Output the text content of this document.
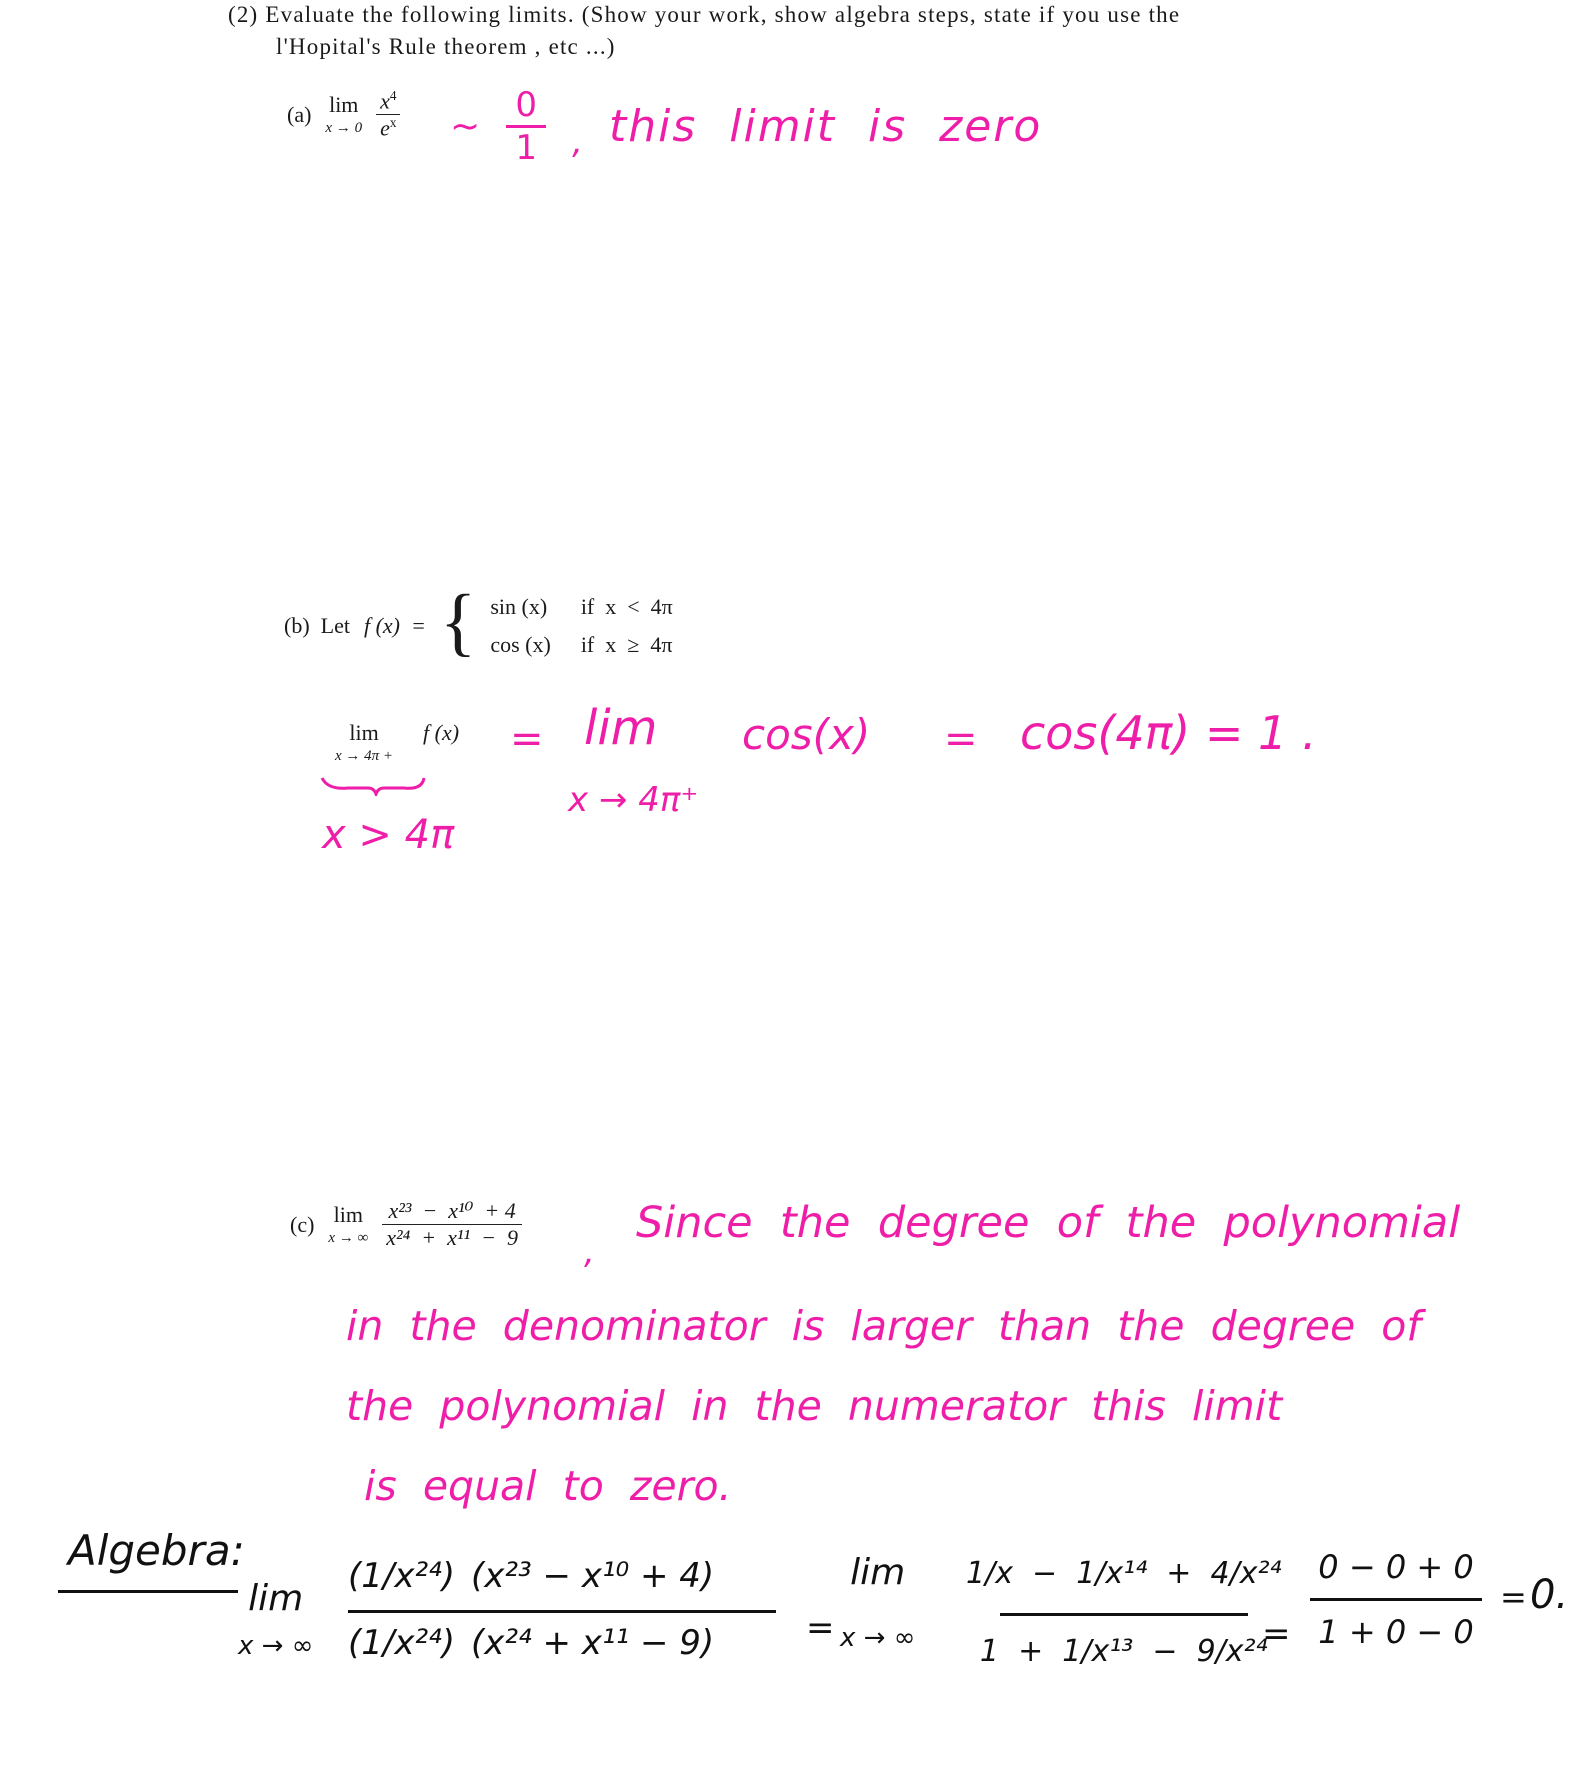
(2) Evaluate the following limits. (Show your work, show algebra steps, state if you use the
l'Hopital's Rule theorem , etc ...)
(a) lim
$x \to 0 \frac{x^4}{e^x}$ ~ $\frac{0}{1}$ , this  limit  is  zero
(b)  Let f (x)  = { sin (x) if  x  <  4π
cos (x) if  x  ≥  4π
lim
x → 4π +
f (x)
x > 4π
= lim
x → 4π⁺
cos(x) = cos(4π) = 1 .
(c) lim
x → ∞ $\frac{\text{x²³  −  x¹⁰  + 4}}{\text{x²⁴  +  x¹¹  −  9}}$
,
Since  the  degree  of  the  polynomial
in  the  denominator  is  larger  than  the  degree  of
the  polynomial  in  the  numerator  this  limit
is  equal  to  zero.
Algebra:
lim
x → ∞
(1/x²⁴) (x²³ − x¹⁰ + 4)
(1/x²⁴) (x²⁴ + x¹¹ − 9)	=
lim
x → ∞
1/x  −  1/x¹⁴  +  4/x²⁴
1  +  1/x¹³  −  9/x²⁴
=
0 − 0 + 0
1 + 0 − 0
= 0.
